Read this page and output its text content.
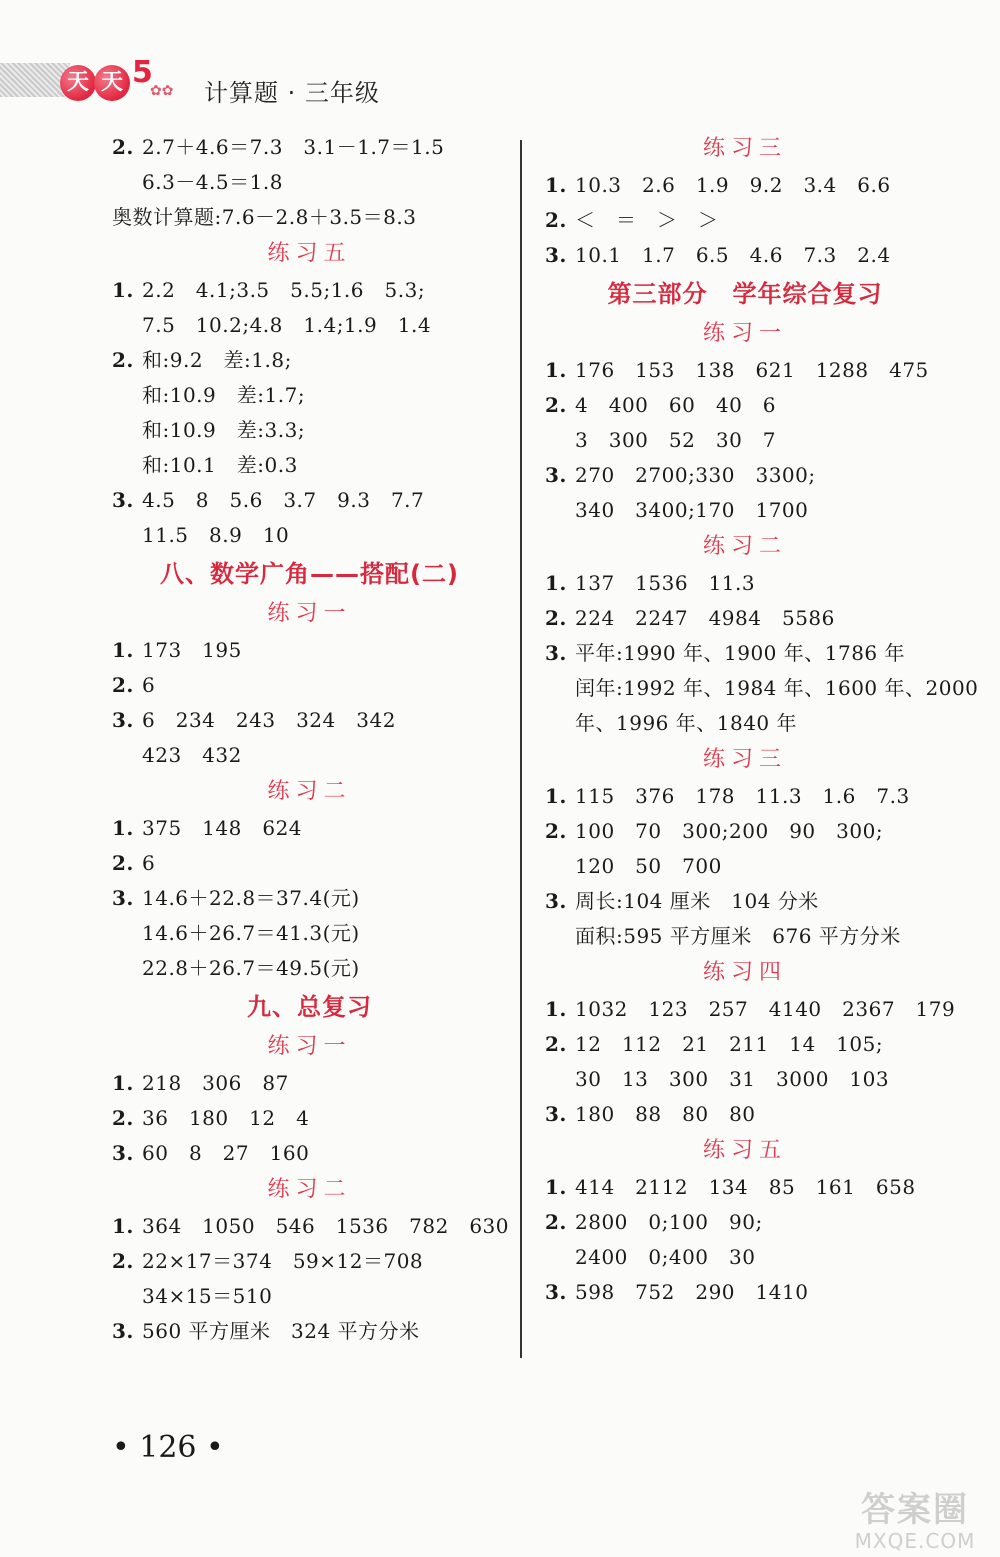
天 天 5
✿✿ 计算题 · 三年级
2. 2.7＋4.6＝7.3　3.1－1.7＝1.5
6.3－4.5＝1.8
奥数计算题:7.6－2.8＋3.5＝8.3
练习五
1. 2.2　4.1;3.5　5.5;1.6　5.3;
7.5　10.2;4.8　1.4;1.9　1.4
2. 和:9.2　差:1.8;
和:10.9　差:1.7;
和:10.9　差:3.3;
和:10.1　差:0.3
3. 4.5　8　5.6　3.7　9.3　7.7
11.5　8.9　10
八、数学广角——搭配(二)
练习一
1. 173　195
2. 6
3. 6　234　243　324　342
423　432
练习二
1. 375　148　624
2. 6
3. 14.6＋22.8＝37.4(元)
14.6＋26.7＝41.3(元)
22.8＋26.7＝49.5(元)
九、总复习
练习一
1. 218　306　87
2. 36　180　12　4
3. 60　8　27　160
练习二
1. 364　1050　546　1536　782　630
2. 22×17＝374　59×12＝708
34×15＝510
3. 560 平方厘米　324 平方分米
练习三
1. 10.3　2.6　1.9　9.2　3.4　6.6
2. ＜　＝　＞　＞
3. 10.1　1.7　6.5　4.6　7.3　2.4
第三部分　学年综合复习
练习一
1. 176　153　138　621　1288　475
2. 4　400　60　40　6
3　300　52　30　7
3. 270　2700;330　3300;
340　3400;170　1700
练习二
1. 137　1536　11.3
2. 224　2247　4984　5586
3. 平年:1990 年、1900 年、1786 年
闰年:1992 年、1984 年、1600 年、2000
年、1996 年、1840 年
练习三
1. 115　376　178　11.3　1.6　7.3
2. 100　70　300;200　90　300;
120　50　700
3. 周长:104 厘米　104 分米
面积:595 平方厘米　676 平方分米
练习四
1. 1032　123　257　4140　2367　179
2. 12　112　21　211　14　105;
30　13　300　31　3000　103
3. 180　88　80　80
练习五
1. 414　2112　134　85　161　658
2. 2800　0;100　90;
2400　0;400　30
3. 598　752　290　1410
• 126 •
答案圈
MXQE.COM
